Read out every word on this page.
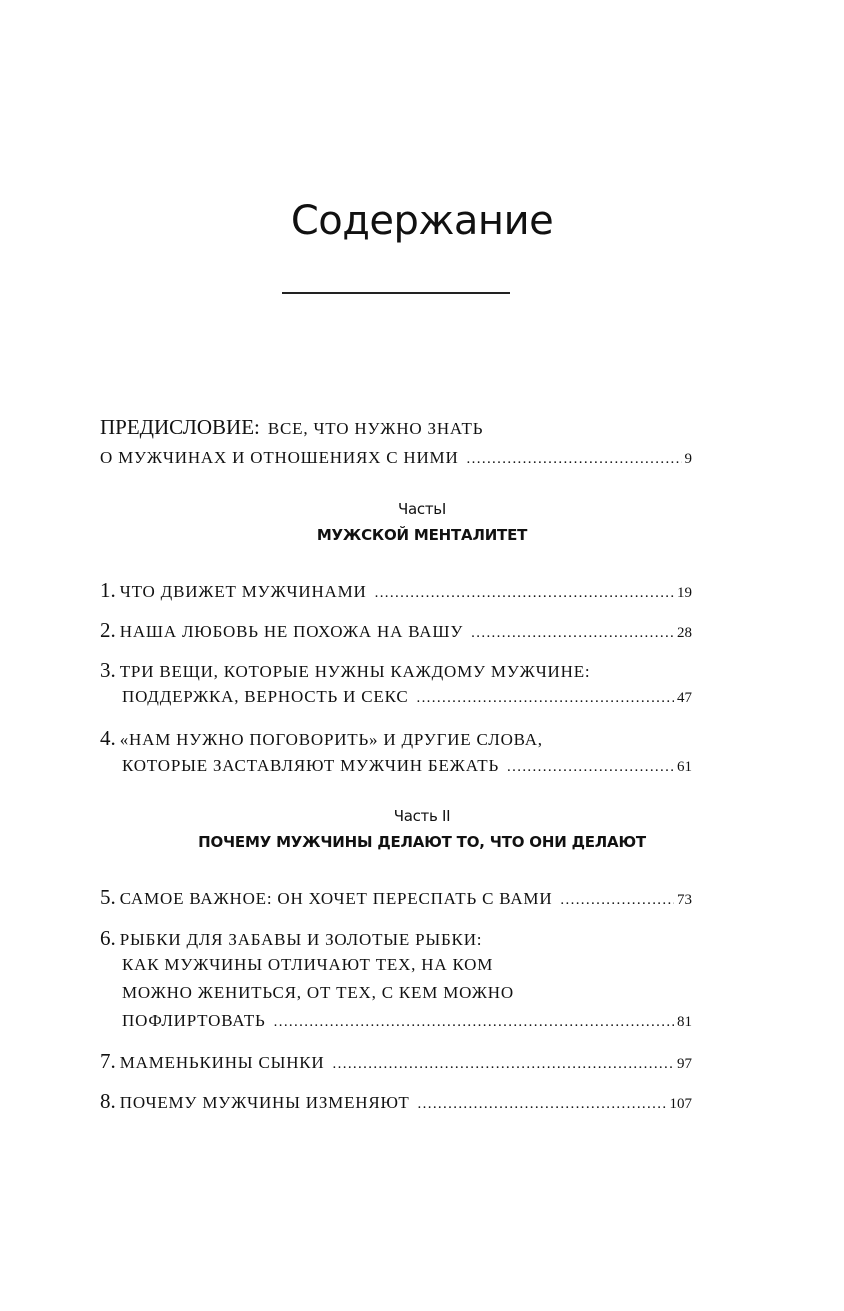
Содержание
ПРЕДИСЛОВИЕ: ВСЕ, ЧТО НУЖНО ЗНАТЬ
О МУЖЧИНАХ И ОТНОШЕНИЯХ С НИМИ . . .	9
1. ЧТО ДВИЖЕТ МУЖЧИНАМИ . . .	19
2. НАША ЛЮБОВЬ НЕ ПОХОЖА НА ВАШУ . . .	28
3. ТРИ ВЕЩИ, КОТОРЫЕ НУЖНЫ КАЖДОМУ МУЖЧИНЕ:
ПОДДЕРЖКА, ВЕРНОСТЬ И СЕКС . . .	47
4. «НАМ НУЖНО ПОГОВОРИТЬ» И ДРУГИЕ СЛОВА,
КОТОРЫЕ ЗАСТАВЛЯЮТ МУЖЧИН БЕЖАТЬ . . .	61
5. САМОЕ ВАЖНОЕ: ОН ХОЧЕТ ПЕРЕСПАТЬ С ВАМИ . . .	73
6. РЫБКИ ДЛЯ ЗАБАВЫ И ЗОЛОТЫЕ РЫБКИ:
КАК МУЖЧИНЫ ОТЛИЧАЮТ ТЕХ, НА КОМ
МОЖНО ЖЕНИТЬСЯ, ОТ ТЕХ, С КЕМ МОЖНО
ПОФЛИРТОВАТЬ . . .	81
7. МАМЕНЬКИНЫ СЫНКИ . . .	97
8. ПОЧЕМУ МУЖЧИНЫ ИЗМЕНЯЮТ . . .	107
ЧастьI
МУЖСКОЙ МЕНТАЛИТЕТ
Часть II
ПОЧЕМУ МУЖЧИНЫ ДЕЛАЮТ ТО, ЧТО ОНИ ДЕЛАЮТ
